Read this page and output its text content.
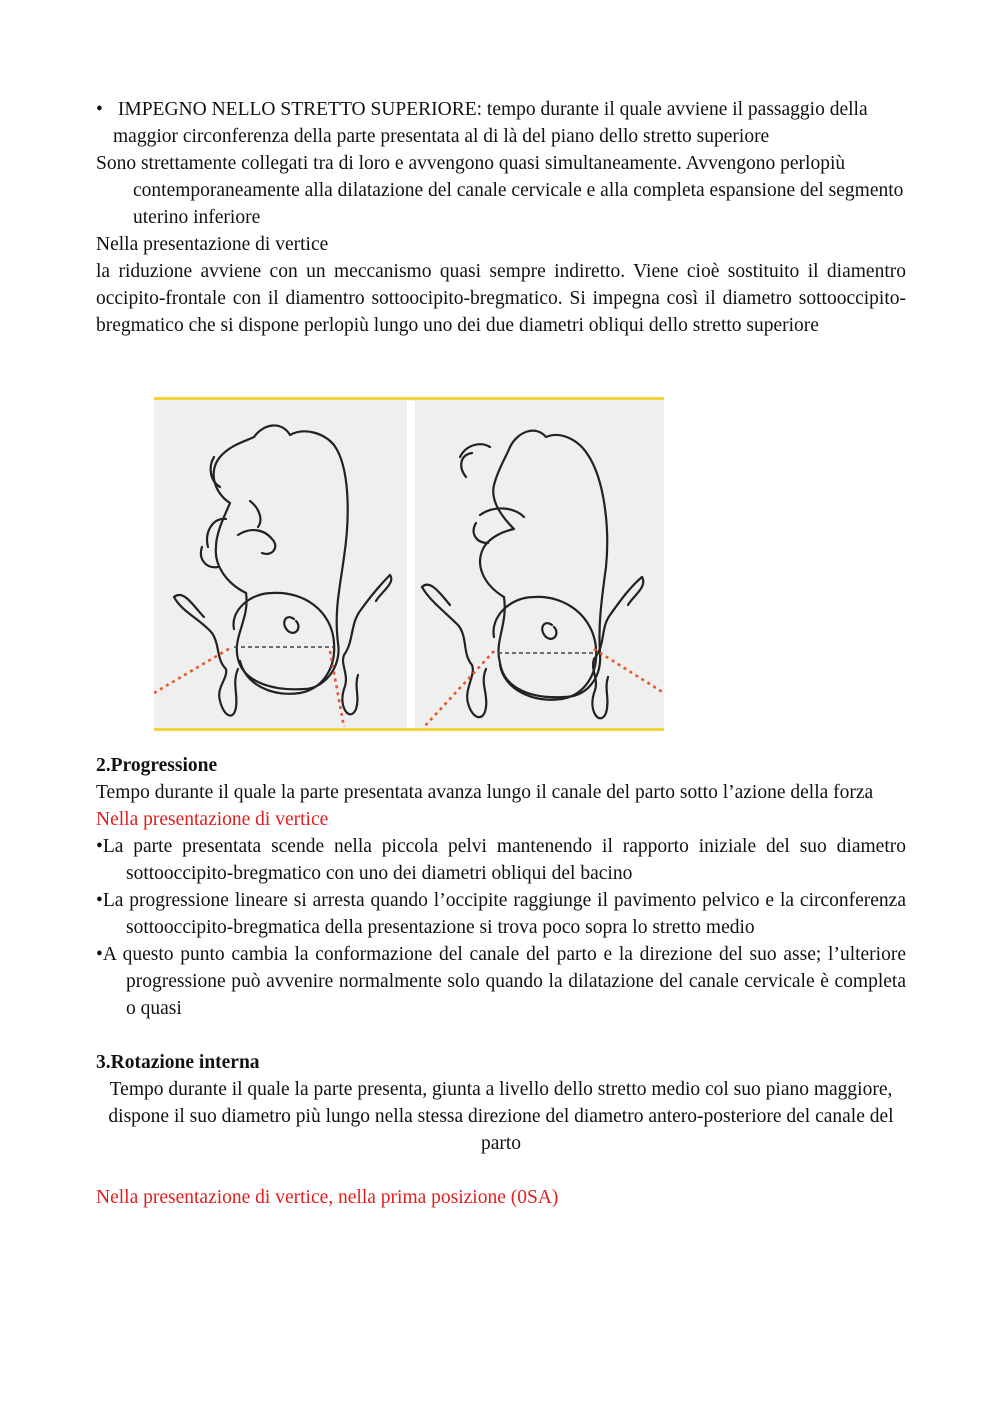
• IMPEGNO NELLO STRETTO SUPERIORE: tempo durante il quale avviene il passaggio della maggior circonferenza della parte presentata al di là del piano dello stretto superiore

Sono strettamente collegati tra di loro e avvengono quasi simultaneamente. Avvengono perlopiù contemporaneamente alla dilatazione del canale cervicale e alla completa espansione del segmento uterino inferiore

Nella presentazione di vertice

la riduzione avviene con un meccanismo quasi sempre indiretto. Viene cioè sostituito il diamentro occipito-frontale con il diamentro sottoocipito-bregmatico. Si impegna così il diametro sottooccipito-bregmatico che si dispone perlopiù lungo uno dei due diametri obliqui dello stretto superiore

2.Progressione

Tempo durante il quale la parte presentata avanza lungo il canale del parto sotto l’azione della forza

Nella presentazione di vertice

•La parte presentata scende nella piccola pelvi mantenendo il rapporto iniziale del suo diametro sottooccipito-bregmatico con uno dei diametri obliqui del bacino

•La progressione lineare si arresta quando l’occipite raggiunge il pavimento pelvico e la circonferenza sottooccipito-bregmatica della presentazione si trova poco sopra lo stretto medio

•A questo punto cambia la conformazione del canale del parto e la direzione del suo asse; l’ulteriore progressione può avvenire normalmente solo quando la dilatazione del canale cervicale è completa o quasi

3.Rotazione interna

Tempo durante il quale la parte presenta, giunta a livello dello stretto medio col suo piano maggiore, dispone il suo diametro più lungo nella stessa direzione del diametro antero-posteriore del canale del parto

Nella presentazione di vertice, nella prima posizione (0SA)
